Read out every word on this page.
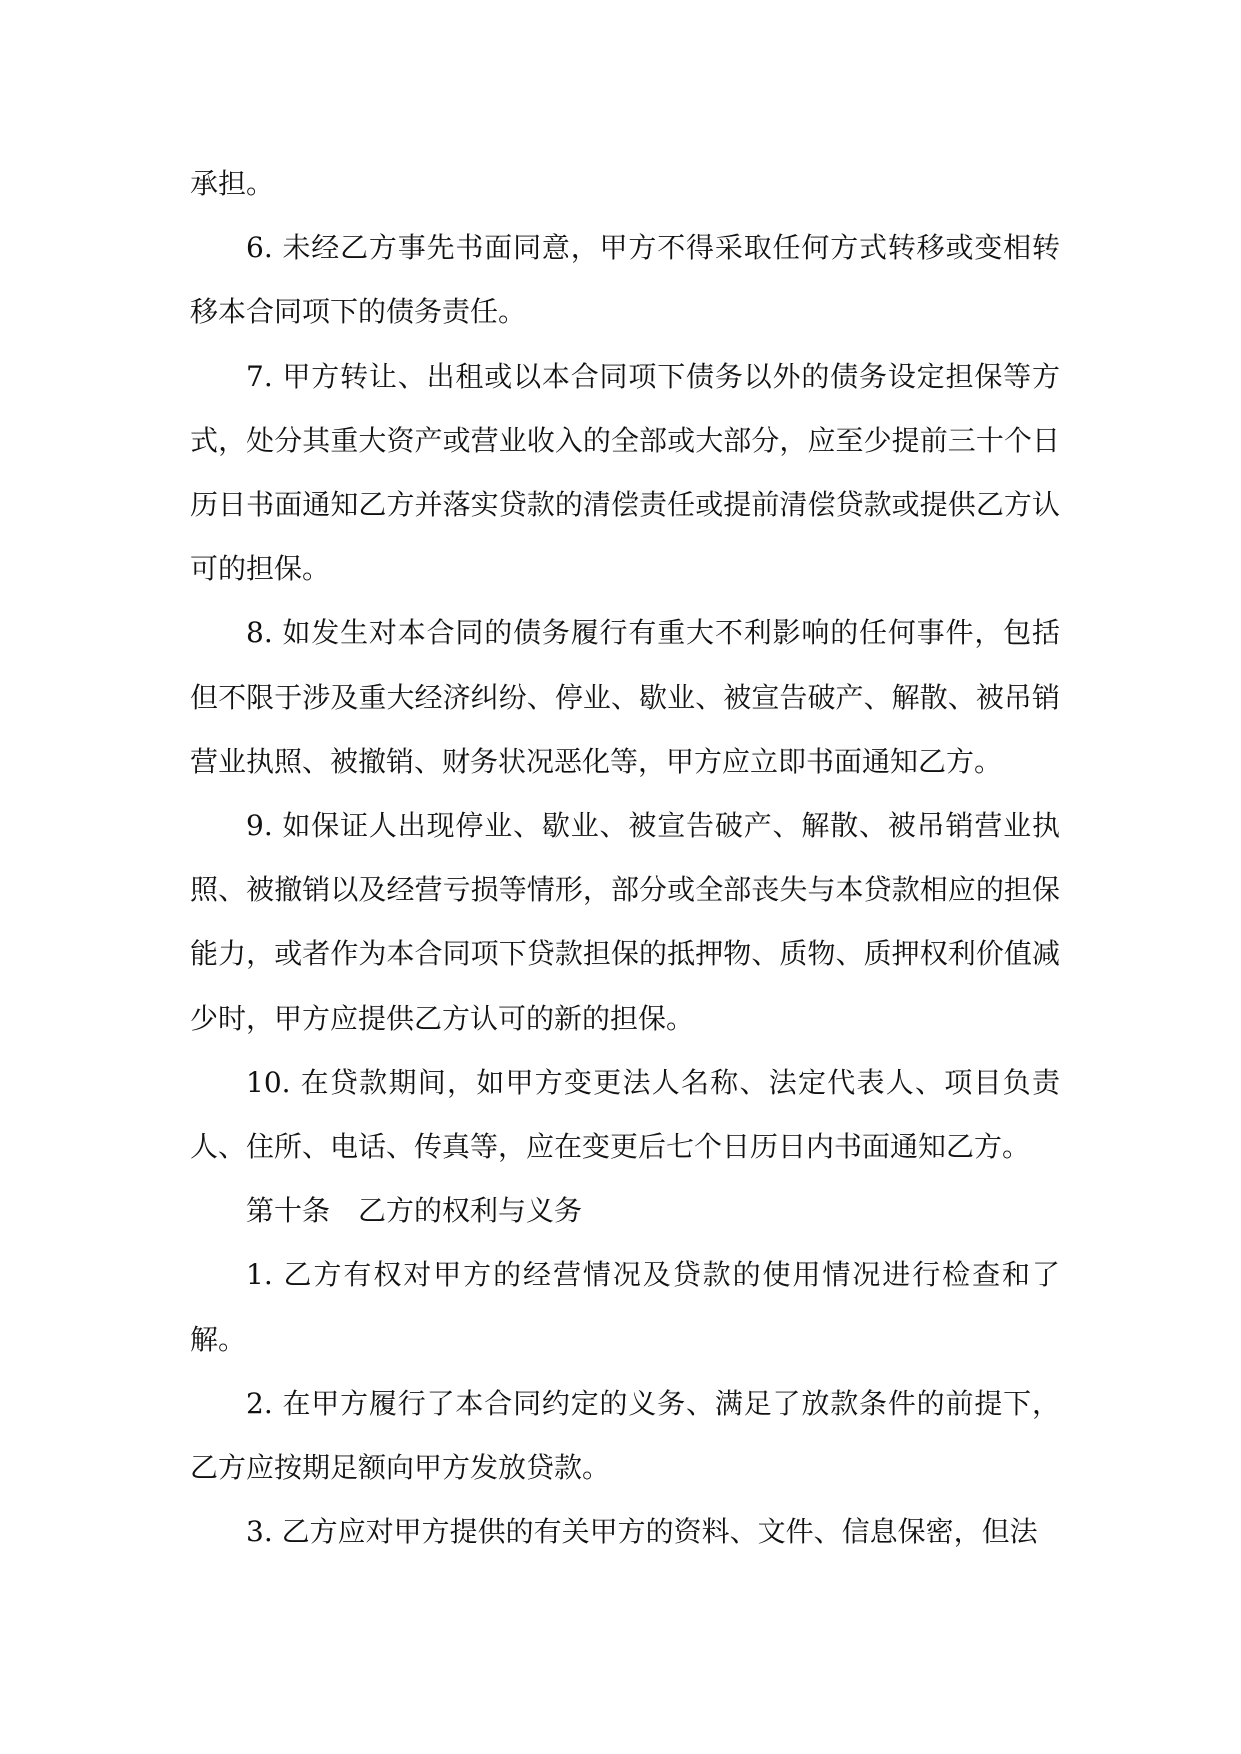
承担。

6. 未经乙方事先书面同意，甲方不得采取任何方式转移或变相转移本合同项下的债务责任。

7. 甲方转让、出租或以本合同项下债务以外的债务设定担保等方式，处分其重大资产或营业收入的全部或大部分，应至少提前三十个日历日书面通知乙方并落实贷款的清偿责任或提前清偿贷款或提供乙方认可的担保。

8. 如发生对本合同的债务履行有重大不利影响的任何事件，包括但不限于涉及重大经济纠纷、停业、歇业、被宣告破产、解散、被吊销营业执照、被撤销、财务状况恶化等，甲方应立即书面通知乙方。

9. 如保证人出现停业、歇业、被宣告破产、解散、被吊销营业执照、被撤销以及经营亏损等情形，部分或全部丧失与本贷款相应的担保能力，或者作为本合同项下贷款担保的抵押物、质物、质押权利价值减少时，甲方应提供乙方认可的新的担保。

10. 在贷款期间，如甲方变更法人名称、法定代表人、项目负责人、住所、电话、传真等，应在变更后七个日历日内书面通知乙方。

第十条　乙方的权利与义务

1. 乙方有权对甲方的经营情况及贷款的使用情况进行检查和了解。

2. 在甲方履行了本合同约定的义务、满足了放款条件的前提下，乙方应按期足额向甲方发放贷款。

3. 乙方应对甲方提供的有关甲方的资料、文件、信息保密，但法
